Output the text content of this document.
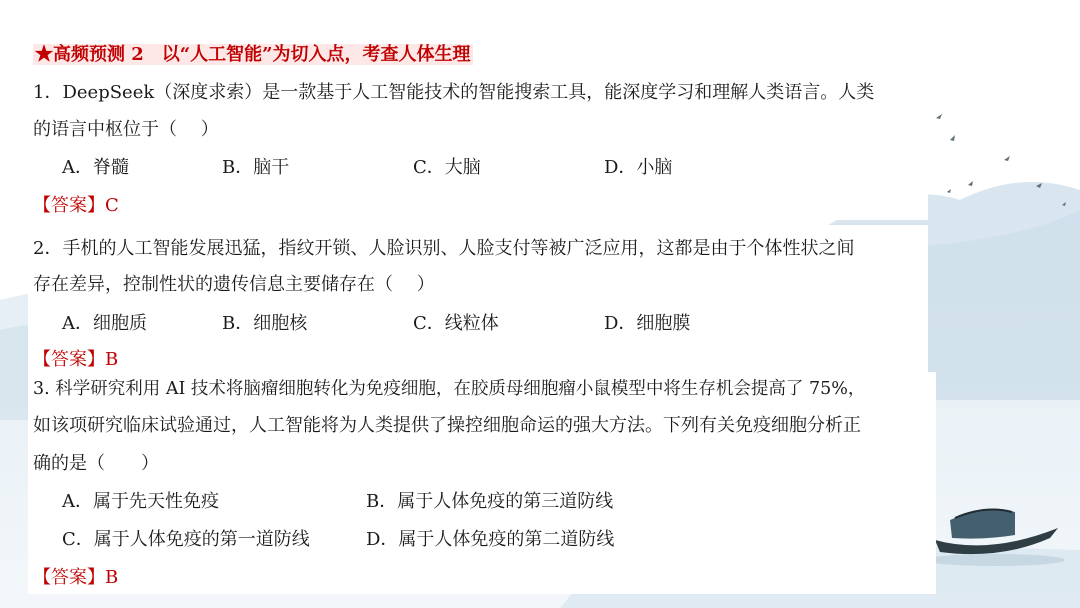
★高频预测 2　以“人工智能”为切入点，考查人体生理
1．DeepSeek（深度求索）是一款基于人工智能技术的智能搜索工具，能深度学习和理解人类语言。人类
的语言中枢位于（　 ）
A．脊髓	B．脑干	C．大脑	D．小脑
【答案】C
2．手机的人工智能发展迅猛，指纹开锁、人脸识别、人脸支付等被广泛应用，这都是由于个体性状之间
存在差异，控制性状的遗传信息主要储存在（　 ）
A．细胞质	B．细胞核	C．线粒体	D．细胞膜
【答案】B
3. 科学研究利用 AI 技术将脑瘤细胞转化为免疫细胞，在胶质母细胞瘤小鼠模型中将生存机会提高了 75%，
如该项研究临床试验通过，人工智能将为人类提供了操控细胞命运的强大方法。下列有关免疫细胞分析正
确的是（　　）
A．属于先天性免疫	B．属于人体免疫的第三道防线
C．属于人体免疫的第一道防线	D．属于人体免疫的第二道防线
【答案】B
